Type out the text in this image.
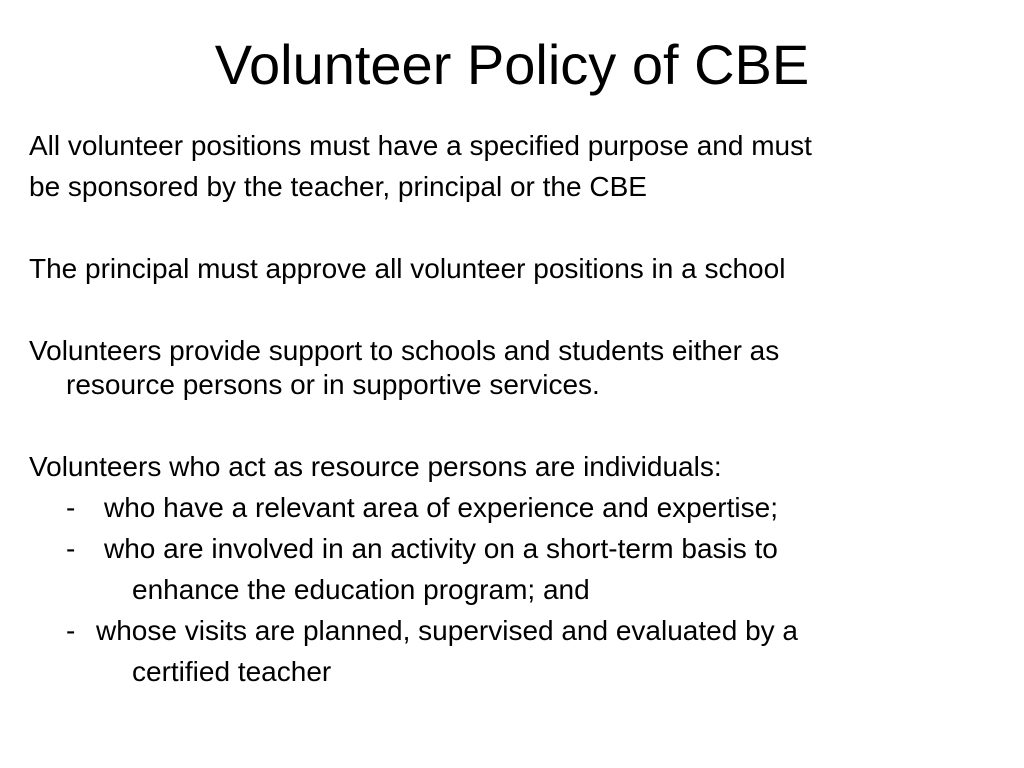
Volunteer Policy of CBE
All volunteer positions must have a specified purpose and must
be sponsored by the teacher, principal or the CBE
The principal must approve all volunteer positions in a school
Volunteers provide support to schools and students either as
resource persons or in supportive services.
Volunteers who act as resource persons are individuals:
- who have a relevant area of experience and expertise;
- who are involved in an activity on a short-term basis to
enhance the education program; and
- whose visits are planned, supervised and evaluated by a
certified teacher
